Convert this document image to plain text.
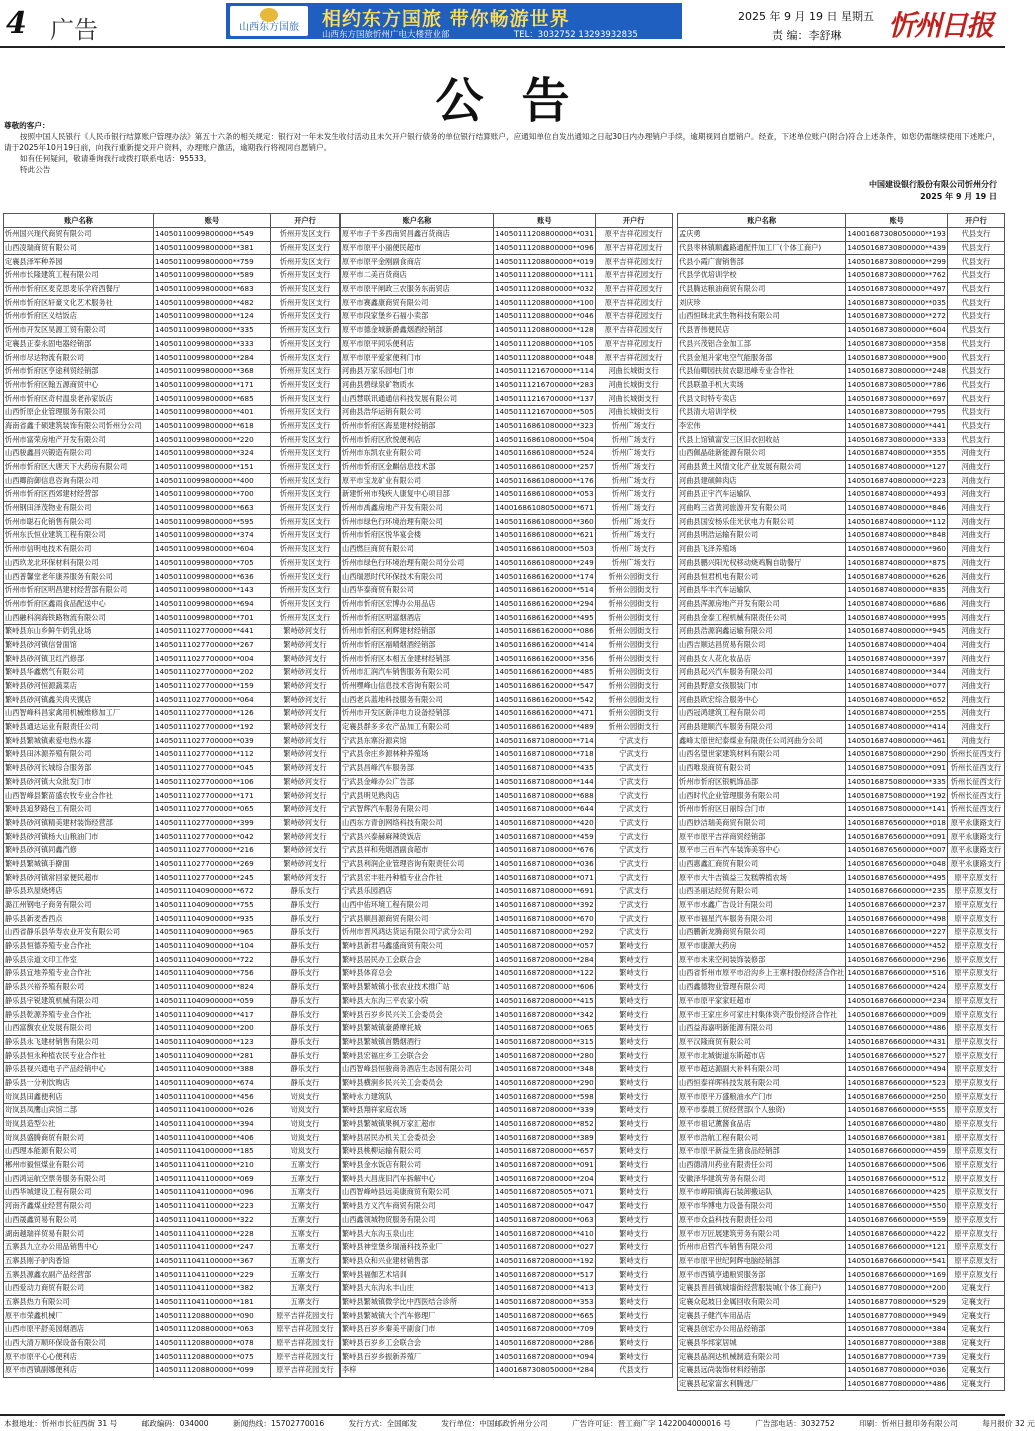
4 广告	山西东方国旅	相约东方国旅 带你畅游世界
山西东方国旅忻州广电大楼营业部	TEL：3032752 13293932835
2025 年 9 月 19 日 星期五
责 编：李舒琳 忻州日报
公告

尊敬的客户：

按照中国人民银行《人民币银行结算账户管理办法》第五十六条的相关规定：银行对一年未发生收付活动且未欠开户银行债务的单位银行结算账户，应通知单位自发出通知之日起30日内办理销户手续，逾期视同自愿销户。经查，下述单位账户(附合)符合上述条件，如您仍需继续使用下述账户，请于2025年10月19日前，向我行重新提交开户资料，办理账户激活，逾期我行将视同自愿销户。

如有任何疑问，敬请垂询我行或拨打联系电话：95533。

特此公告

中国建设银行股份有限公司忻州分行
2025 年 9 月 19 日
账户名称	账号	开户行
忻州国兴现代商贸有限公司	14050110099800000**549	忻州开发区支行
山西凌瑞商贸有限公司	14050110099800000**381	忻州开发区支行
定襄县泽军种养园	14050110099800000**759	忻州开发区支行
忻州市长隆建筑工程有限公司	14050110099800000**589	忻州开发区支行
忻州市忻府区麦克思麦乐学府西餐厅	14050110099800000**683	忻州开发区支行
忻州市忻府区轩豪文化艺术服务社	14050110099800000**482	忻州开发区支行
忻州市忻府区义结饭店	14050110099800000**124	忻州开发区支行
忻州市开发区昊源工贸有限公司	14050110099800000**335	忻州开发区支行
定襄县正泰永固电器经销部	14050110099800000**333	忻州开发区支行
忻州市尽达物流有限公司	14050110099800000**284	忻州开发区支行
忻州市忻府区亨途利贸经销部	14050110099800000**368	忻州开发区支行
忻州市忻府区翰五源商贸中心	14050110099800000**171	忻州开发区支行
忻州市忻府区奇村温泉老孙家饭店	14050110099800000**685	忻州开发区支行
山西忻原企业管理服务有限公司	14050110099800000**401	忻州开发区支行
海南省鑫千硕建筑装饰有限公司忻州分公司	14050110099800000**618	忻州开发区支行
忻州市富荣房地产开发有限公司	14050110099800000**220	忻州开发区支行
山西骏鑫昌兴锻造有限公司	14050110099800000**324	忻州开发区支行
忻州市忻府区大唐天下大药房有限公司	14050110099800000**151	忻州开发区支行
山西卿韵御信息咨询有限公司	14050110099800000**400	忻州开发区支行
忻州市忻府区西郊建材经营部	14050110099800000**700	忻州开发区支行
忻州钢田泽茂物业有限公司	14050110099800000**663	忻州开发区支行
忻州市聪石化销售有限公司	14050110099800000**595	忻州开发区支行
忻州东氏恒业建筑工程有限公司	14050110099800000**374	忻州开发区支行
忻州市信明电技术有限公司	14050110099800000**604	忻州开发区支行
山西玖龙北环保材料有限公司	14050110099800000**705	忻州开发区支行
山西普馨堂老年康养服务有限公司	14050110099800000**636	忻州开发区支行
忻州市忻府区明昌建材经营部有限公司	14050110099800000**143	忻州开发区支行
忻州市忻府区鑫雨食品配送中心	14050110099800000**694	忻州开发区支行
山西融科润海铁路物流有限公司	14050110099800000**701	忻州开发区支行
繁峙县东山乡鲜牛奶乳业场	14050111027700000**441	繁峙砂河支行
繁峙县砂河镇信誉面馆	14050111027700000**267	繁峙砂河支行
繁峙县砂河镇卫红汽修部	14050111027700000**004	繁峙砂河支行
繁峙县华鑫燃气有限公司	14050111027700000**202	繁峙砂河支行
繁峙县砂河恒源蔬菜店	14050111027700000**159	繁峙砂河支行
繁峙县砂河镇鑫关肉夹馍店	14050111027700000**064	繁峙砂河支行
山西智峰科昌家禽用机械维修加工厂	14050111027700000**126	繁峙砂河支行
繁峙县通达运业有限责任公司	14050111027700000**192	繁峙砂河支行
繁峙县繁城镇素爱电热水器	14050111027700000**039	繁峙砂河支行
繁峙县田沐源养殖有限公司	14050111027700000**112	繁峙砂河支行
繁峙县砂河长城综合服务部	14050111027700000**045	繁峙砂河支行
繁峙县砂河镇大众批发门市	14050111027700000**106	繁峙砂河支行
山西智峰县繁苗盛农牧专业合作社	14050111027700000**171	繁峙砂河支行
繁峙县追梦路包工有限公司	14050111027700000**065	繁峙砂河支行
繁峙县砂河镇精美建材装饰经营部	14050111027700000**399	繁峙砂河支行
繁峙县砂河镇杨大山粮油门市	14050111027700000**042	繁峙砂河支行
繁峙县砂河镇同鑫汽修	14050111027700000**216	繁峙砂河支行
繁峙县繁城镇手擀面	14050111027700000**269	繁峙砂河支行
繁峙县砂河镇常回家便民超市	14050111027700000**245	繁峙砂河支行
静乐县玖屋烧烤店	14050111040900000**672	静乐支行
潞江州钢电子商务有限公司	14050111040900000**755	静乐支行
静乐县新麦香西点	14050111040900000**935	静乐支行
山西省静乐县华寿农业开发有限公司	14050111040900000**965	静乐支行
静乐县恒德养殖专业合作社	14050111040900000**104	静乐支行
静乐县宗道文印工作室	14050111040900000**722	静乐支行
静乐县宜地养殖专业合作社	14050111040900000**756	静乐支行
静乐县兴裕养殖有限公司	14050111040900000**824	静乐支行
静乐县宇锐建筑机械有限公司	14050111040900000**059	静乐支行
静乐县乾源养殖专业合作社	14050111040900000**417	静乐支行
山西富馥农业发展有限公司	14050111040900000**200	静乐支行
静乐县永飞建材销售有限公司	14050111040900000**123	静乐支行
静乐县恒永种植农民专业合作社	14050111040900000**281	静乐支行
静乐县视兴通电子产品经销中心	14050111040900000**388	静乐支行
静乐县一分利饮购店	14050111040900000**674	静乐支行
岢岚县田鑫便利店	14050111041000000**456	岢岚支行
岢岚县凤鹰山宾馆二部	14050111041000000**026	岢岚支行
岢岚县造型公社	14050111041000000**394	岢岚支行
岢岚县盛腾商贸有限公司	14050111041000000**406	岢岚支行
山西理本能源有限公司	14050111041000000**185	岢岚支行
郴州市毅恒煤业有限公司	14050111041100000**210	五寨支行
山西鸿运航空票务服务有限公司	14050111041100000**069	五寨支行
山西华城建设工程有限公司	14050111041100000**096	五寨支行
河南齐鑫煤业经营有限公司	14050111041100000**223	五寨支行
山西晟鑫贸易有限公司	14050111041100000**322	五寨支行
湖南越瑞祥贸易有限公司	14050111041100000**228	五寨支行
五寨县九立办公用品销售中心	14050111041100000**247	五寨支行
五寨县刚子驴肉香馆	14050111041100000**367	五寨支行
五寨县源鑫农副产品经营部	14050111041100000**229	五寨支行
山西爱动力商贸有限公司	14050111041100000**382	五寨支行
五寨县热力有限公司	14050111041100000**181	五寨支行
原平市荣鑫机械厂	14050111208800000**090	原平吉祥花园支行
山西市原平舒美园烟酒店	14050111208800000**063	原平吉祥花园支行
山西大清万顺环保设备有限公司	14050111208800000**078	原平吉祥花园支行
原平市原平心心便利店	14050111208800000**075	原平吉祥花园支行
原平市西镇副娜便利店	14050111208800000**099	原平吉祥花园支行
账户名称	账号	开户行
原平市子干多西南贸昌鑫百货商店	14050111208800000**031	原平吉祥花园支行
原平市原平小丽便民超市	14050111208800000**096	原平吉祥花园支行
原平市原平金刚副食商店	14050111208800000**019	原平吉祥花园支行
原平市二美百货商店	14050111208800000**111	原平吉祥花园支行
原平市原平闸政三农服务东南贸店	14050111208800000**032	原平吉祥花园支行
原平市赛鑫康商贸有限公司	14050111208800000**100	原平吉祥花园支行
原平市段家堡乡石福小卖部	14050111208800000**046	原平吉祥花园支行
原平市德金城新爵鑫烟酒经销部	14050111208800000**128	原平吉祥花园支行
原平市原平同乐便利店	14050111208800000**105	原平吉祥花园支行
原平市原平爱家便利门市	14050111208800000**048	原平吉祥花园支行
河曲县万家乐园电门市	14050111216700000**114	河曲长城街支行
河曲县碧绿泉矿物质水	14050111216700000**283	河曲长城街支行
山西慧联讯通通信科技发展有限公司	14050111216700000**137	河曲长城街支行
河曲县浩华运销有限公司	14050111216700000**505	河曲长城街支行
忻州市忻府区海星建材经销部	14050116861080000**323	忻州广场支行
忻州市忻府区欣悦便利店	14050116861080000**504	忻州广场支行
忻州市东凯农业有限公司	14050116861080000**524	忻州广场支行
忻州市忻府区金麒信息技术部	14050116861080000**257	忻州广场支行
原平市宝龙矿业有限公司	14050116861080000**176	忻州广场支行
新建忻州市残疾人康复中心项目部	14050116861080000**053	忻州广场支行
忻州市禹鑫房地产开发有限公司	14001686108050000**671	忻州广场支行
忻州市绿色行环境治理有限公司	14050116861080000**360	忻州广场支行
忻州市忻府区悦华宴会楼	14050116861080000**621	忻州广场支行
山西燃巨商贸有限公司	14050116861080000**503	忻州广场支行
忻州市绿色行环境治理有限公司分公司	14050116861080000**249	忻州广场支行
山西瑞恩时代环保技术有限公司	14050116861620000**174	忻州公园街支行
山西华泰商贸有限公司	14050116861620000**514	忻州公园街支行
忻州市忻府区宏博办公用品店	14050116861620000**294	忻州公园街支行
忻州市忻府区明富烟酒店	14050116861620000**495	忻州公园街支行
忻州市忻府区利辉建材经销部	14050116861620000**086	忻州公园街支行
忻州市忻府区福晴烟酒经销部	14050116861620000**414	忻州公园街支行
忻州市忻府区本相五金建材经销部	14050116861620000**356	忻州公园街支行
忻州市汇润汽车销售服务有限公司	14050116861620000**485	忻州公园街支行
忻州嘿峰山信息技术咨询有限公司	14050116861620000**547	忻州公园街支行
山西老兵蓝地科技服务有限公司	14050116861620000**542	忻州公园街支行
忻州市开发区新洋电力设备经销部	14050116861620000**471	忻州公园街支行
定襄县群多多农产品加工有限公司	14050116861620000**489	忻州公园街支行
宁武县东寨汾源宾馆	14050116871080000**714	宁武支行
宁武县余庄乡源林种养殖场	14050116871080000**718	宁武支行
宁武县昌峰汽车服务部	14050116871080000**435	宁武支行
宁武县金峰办公广告部	14050116871080000**144	宁武支行
宁武县明见熟肉店	14050116871080000**688	宁武支行
宁武智辉汽车服务有限公司	14050116871080000**644	宁武支行
山西东方青创网络科技有限公司	14050116871080000**420	宁武支行
宁武县兴泰赫麻辣烫饭店	14050116871080000**459	宁武支行
宁武县祥和苑烟酒副食超市	14050116871080000**676	宁武支行
宁武县利润企业管理咨询有限责任公司	14050116871080000**036	宁武支行
宁武县宏丰驻丹种植专业合作社	14050116871080000**071	宁武支行
宁武县乐园酒店	14050116871080000**691	宁武支行
山西中佑环境工程有限公司	14050116871080000**392	宁武支行
宁武县顺昌源商贸有限公司	14050116871080000**670	宁武支行
忻州市晋风鸿达货运有限公司宁武分公司	14050116871080000**292	宁武支行
繁峙县新君马鑫盛商贸有限公司	14050116872080000**057	繁峙支行
繁峙县居民办工会联合会	14050116872080000**284	繁峙支行
繁峙县体育总会	14050116872080000**122	繁峙支行
繁峙县繁城镇小张农业技术推广站	14050116872080000**606	繁峙支行
繁峙县大东沟三平农家小院	14050116872080000**415	繁峙支行
繁峙县百岁乡民兴关工会委员会	14050116872080000**342	繁峙支行
繁峙县繁城镇豪爵摩托城	14050116872080000**065	繁峙支行
繁峙县繁城镇首鹦烟酒行	14050116872080000**315	繁峙支行
繁峙县宏福庄乡工会联合会	14050116872080000**280	繁峙支行
山西智峰县恒骏商务酒店生态园有限公司	14050116872080000**348	繁峙支行
繁峙县横涧乡民兴关工会委员会	14050116872080000**290	繁峙支行
繁峙永力建筑队	14050116872080000**598	繁峙支行
繁峙县翔祥家庭农场	14050116872080000**339	繁峙支行
繁峙县繁城镇果枫万家汇超市	14050116872080000**852	繁峙支行
繁峙县居民办机关工会委员会	14050116872080000**389	繁峙支行
繁峙县桃柳运输有限公司	14050116872080000**657	繁峙支行
繁峙县金水饭店有限公司	14050116872080000**091	繁峙支行
繁峙县大昌庞旧汽车拆解中心	14050116872080000**204	繁峙支行
山西智峰峙县远美康商贸有限公司	14050116872080505**071	繁峙支行
繁峙县方义汽车商贸有限公司	14050116872080000**047	繁峙支行
山西鑫领城物贸服务有限公司	14050116872080000**063	繁峙支行
繁峙县大东沟玉泉山庄	14050116872080000**410	繁峙支行
繁峙县神堂堡乡瑞涌科技养业厂	14050116872080000**027	繁峙支行
繁峙县众和兴业建材销售部	14050116872080000**192	繁峙支行
繁峙县福伽艺术培训	14050116872080000**517	繁峙支行
繁峙县大东沟永丰山庄	14050116872080000**413	繁峙支行
繁峙县繁城镇微学比中西医结合诊所	14050116872080000**353	繁峙支行
繁峙县繁城镇大个汽车修理厂	14050116872080000**665	繁峙支行
繁峙县百岁乡秦美平副食门市	14050116872080000**709	繁峙支行
繁峙县百岁乡工会联合会	14050116872080000**286	繁峙支行
繁峙县百岁乡振新养殖厂	14050116872080000**094	繁峙支行
李梓	14001687308050000**284	代县支行
账户名称	账号	开户行
孟庆勇	14001687308050000**193	代县支行
代县枣林镇顺鑫路通配件加工厂(个体工商户)	14050168730800000**439	代县支行
代县小霞广窗销售部	14050168730800000**299	代县支行
代县学优培训学校	14050168730800000**762	代县支行
代县腾达粮油商贸有限公司	14050168730800000**497	代县支行
刘庆珍	14050168730800000**035	代县支行
山西恒昧北武生物科技有限公司	14050168730800000**272	代县支行
代县晋伟便民店	14050168730800000**604	代县支行
代县兴茂铝合金加工部	14050168730800000**358	代县支行
代县金旭升家电空气能服务部	14050168730800000**900	代县支行
代县仙卿园扶贫农聪迅峰专业合作社	14050168730800000**248	代县支行
代县联盈手机大卖场	14050168730805000**786	代县支行
代县文时特专卖店	14050168730800000**697	代县支行
代县清大培训学校	14050168730800000**795	代县支行
李宏伟	14050168730800000**441	代县支行
代县上馆镇富安三区旧衣回收站	14050168730800000**333	代县支行
山西佩晶硅新能源有限公司	14050168740800000**355	河曲支行
河曲县黄土风情文化产业发展有限公司	14050168740800000**127	河曲支行
河曲县建硕鲜肉店	14050168740800000**223	河曲支行
河曲县正宇汽车运输队	14050168740800000**493	河曲支行
河曲鸣三省黄河旅游开发有限公司	14050168740800000**846	河曲支行
河曲县国安杨乐佳光伏电力有限公司	14050168740800000**112	河曲支行
河曲县明浩运输有限公司	14050168740800000**848	河曲支行
河曲县飞泽养殖场	14050168740800000**960	河曲支行
河曲县鹏兴阳光权移动烧鸡胸自助餐厅	14050168740800000**875	河曲支行
河曲县恒君机电有限公司	14050168740800000**626	河曲支行
河曲县华丰汽车运输队	14050168740800000**835	河曲支行
河曲县浑源房地产开发有限公司	14050168740800000**686	河曲支行
河曲县金泰工程机械有限责任公司	14050168740800000**995	河曲支行
河曲县浩源润鑫运输有限公司	14050168740800000**945	河曲支行
山西吉顺达昌贸易有限公司	14050168740800000**404	河曲支行
河曲县女人花化妆品店	14050168740800000**397	河曲支行
河曲县起兴汽车服务有限公司	14050168740800000**344	河曲支行
河曲县野意女孩服装门市	14050168740800000**077	河曲支行
河曲县欧宏综合服务中心	14050168740800000**652	河曲支行
山西冠鸿建筑工程有限公司	14050168740800000**255	河曲支行
河曲县建顺汽车服务有限公司	14050168740800000**414	河曲支行
鑫峰太原世纪泰煤业有限责任公司河曲分公司	14050168740800000**461	河曲支行
山西名望世家建筑材料有限公司	14050168750800000**290	忻州长征西支行
山西唯泉商贸有限公司	14050168750800000**091	忻州长征西支行
忻州市忻府区银帆饰品部	14050168750800000**335	忻州长征西支行
山西时代企业管理服务有限公司	14050168750800000**192	忻州长征西支行
忻州市忻府区日丽综合门市	14050168750800000**141	忻州长征西支行
山西妙洁瑞美商贸有限公司	14050168765600000**018	原平永康路支行
原平市原平吉祥商贸经销部	14050168765600000**091	原平永康路支行
原平市三百车汽车装饰美容中心	14050168765600000**007	原平永康路支行
山西惠鑫汇商贸有限公司	14050168765600000**048	原平永康路支行
原平市大牛吉镇益三发糕牌植农场	14050168765600000**495	原平京原支行
山西圣丽达经贸有限公司	14050168766600000**235	原平京原支行
原平市水鑫广告设计有限公司	14050168766600000**237	原平京原支行
原平市福星汽车服务有限公司	14050168766600000**498	原平京原支行
山西鹏新龙腾商贸有限公司	14050168766600000**227	原平京原支行
原平市康源大药房	14050168766600000**452	原平京原支行
原平市未来空间装饰装修部	14050168766600000**296	原平京原支行
山西省忻州市原平市沿沟乡上王寨村股份经济合作社	14050168766600000**516	原平京原支行
山西鑫德物业管理有限公司	14050168766600000**424	原平京原支行
原平市原平家家旺超市	14050168766600000**234	原平京原支行
原平市王家庄乡可家庄村集体资产股份经济合作社	14050168766600000**009	原平京原支行
山西益海嘉明新能源有限公司	14050168766600000**486	原平京原支行
原平汉隆商贸有限公司	14050168766600000**431	原平京原支行
原平市北城街道东斯超市店	14050168766600000**527	原平京原支行
原平市超达源副大补料有限公司	14050168766600000**494	原平京原支行
山西恒泰祥晖科技发展有限公司	14050168766600000**523	原平京原支行
原平市原平万盛粮油水产门市	14050168766600000**250	原平京原支行
原平市泰晨工贸经营部(个人独资)	14050168766600000**555	原平京原支行
原平市祖记薰酱食品店	14050168766600000**480	原平京原支行
原平市浩航工程有限公司	14050168766600000**381	原平京原支行
原平市原平新益生猪食品经销部	14050168766600000**459	原平京原支行
山西德清川药业有限责任公司	14050168766600000**506	原平京原支行
安徽泽华建筑劳务有限公司	14050168766600000**512	原平京原支行
原平市崞阳镇海石装卸搬运队	14050168766600000**425	原平京原支行
原平市华博电力设备有限公司	14050168766600000**550	原平京原支行
原平市众益科技有限责任公司	14050168766600000**559	原平京原支行
原平市万匠展建筑劳务有限公司	14050168766600000**422	原平京原支行
忻州市启哲汽车销售有限公司	14050168766600000**121	原平京原支行
原平市原平世纪阿辉电脑经销部	14050168766600000**541	原平京原支行
原平市西镇亨通粮贸服务部	14050168766600000**169	原平京原支行
定襄县晋昌镇城墙街经营服装城(个体工商户)	14050168770800000**200	定襄支行
定襄众起坡日金属回收有限公司	14050168770800000**529	定襄支行
定襄县子健汽车用品店	14050168770800000**949	定襄支行
定襄县创宏办公用品经销部	14050168770800000**384	定襄支行
定襄县华邦家居城	14050168770800000**388	定襄支行
定襄县晶润达机械制造有限公司	14050168770800000**739	定襄支行
定襄县远尚装饰材料经销部	14050168770800000**036	定襄支行
定襄县起家富玄利腾选厂	14050168770800000**486	定襄支行
本报地址：忻州市长征西街 31 号	邮政编码：034000	新闻热线：15702770016	发行方式：全国邮发	发行单位：中国邮政忻州分公司	广告许可证：晋工商广字 1422004000016 号	广告部电话：3032752	印刷：忻州日报印务有限公司	每月报价 32 元
